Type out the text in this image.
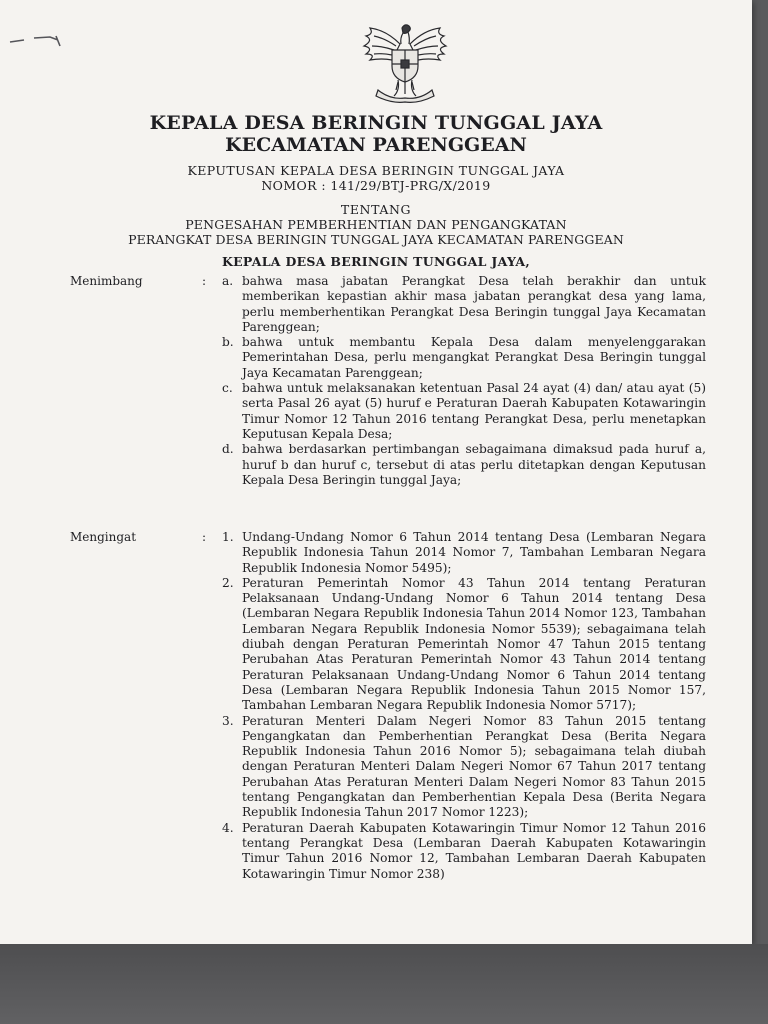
KEPALA DESA BERINGIN TUNGGAL JAYA
KECAMATAN PARENGGEAN
KEPUTUSAN KEPALA DESA BERINGIN TUNGGAL JAYA
NOMOR : 141/29/BTJ-PRG/X/2019
TENTANG
PENGESAHAN PEMBERHENTIAN DAN PENGANGKATAN
PERANGKAT DESA BERINGIN TUNGGAL JAYA KECAMATAN PARENGGEAN
KEPALA DESA BERINGIN TUNGGAL JAYA,
Menimbang	: a. bahwa masa jabatan Perangkat Desa telah berakhir dan untuk memberikan kepastian akhir masa jabatan perangkat desa yang lama, perlu memberhentikan Perangkat Desa Beringin tunggal Jaya Kecamatan Parenggean;
b. bahwa untuk membantu Kepala Desa dalam menyelenggarakan Pemerintahan Desa, perlu mengangkat Perangkat Desa Beringin tunggal Jaya Kecamatan Parenggean;
c. bahwa untuk melaksanakan ketentuan Pasal 24 ayat (4) dan/ atau ayat (5) serta Pasal 26 ayat (5) huruf e Peraturan Daerah Kabupaten Kotawaringin Timur Nomor 12 Tahun 2016 tentang Perangkat Desa, perlu menetapkan Keputusan Kepala Desa;
d. bahwa berdasarkan pertimbangan sebagaimana dimaksud pada huruf a, huruf b dan huruf c, tersebut di atas perlu ditetapkan dengan Keputusan Kepala Desa Beringin tunggal Jaya;
Mengingat	: 1. Undang-Undang Nomor 6 Tahun 2014 tentang Desa (Lembaran Negara Republik Indonesia Tahun 2014 Nomor 7, Tambahan Lembaran Negara Republik Indonesia Nomor 5495);
2. Peraturan Pemerintah Nomor 43 Tahun 2014 tentang Peraturan Pelaksanaan Undang-Undang Nomor 6 Tahun 2014 tentang Desa (Lembaran Negara Republik Indonesia Tahun 2014 Nomor 123, Tambahan Lembaran Negara Republik Indonesia Nomor 5539); sebagaimana telah diubah dengan Peraturan Pemerintah Nomor 47 Tahun 2015 tentang Perubahan Atas Peraturan Pemerintah Nomor 43 Tahun 2014 tentang Peraturan Pelaksanaan Undang-Undang Nomor 6 Tahun 2014 tentang Desa (Lembaran Negara Republik Indonesia Tahun 2015 Nomor 157, Tambahan Lembaran Negara Republik Indonesia Nomor 5717);
3. Peraturan Menteri Dalam Negeri Nomor 83 Tahun 2015 tentang Pengangkatan dan Pemberhentian Perangkat Desa (Berita Negara Republik Indonesia Tahun 2016 Nomor 5); sebagaimana telah diubah dengan Peraturan Menteri Dalam Negeri Nomor 67 Tahun 2017 tentang Perubahan Atas Peraturan Menteri Dalam Negeri Nomor 83 Tahun 2015 tentang Pengangkatan dan Pemberhentian Kepala Desa (Berita Negara Republik Indonesia Tahun 2017 Nomor 1223);
4. Peraturan Daerah Kabupaten Kotawaringin Timur Nomor 12 Tahun 2016 tentang Perangkat Desa (Lembaran Daerah Kabupaten Kotawaringin Timur Tahun 2016 Nomor 12, Tambahan Lembaran Daerah Kabupaten Kotawaringin Timur Nomor 238)
